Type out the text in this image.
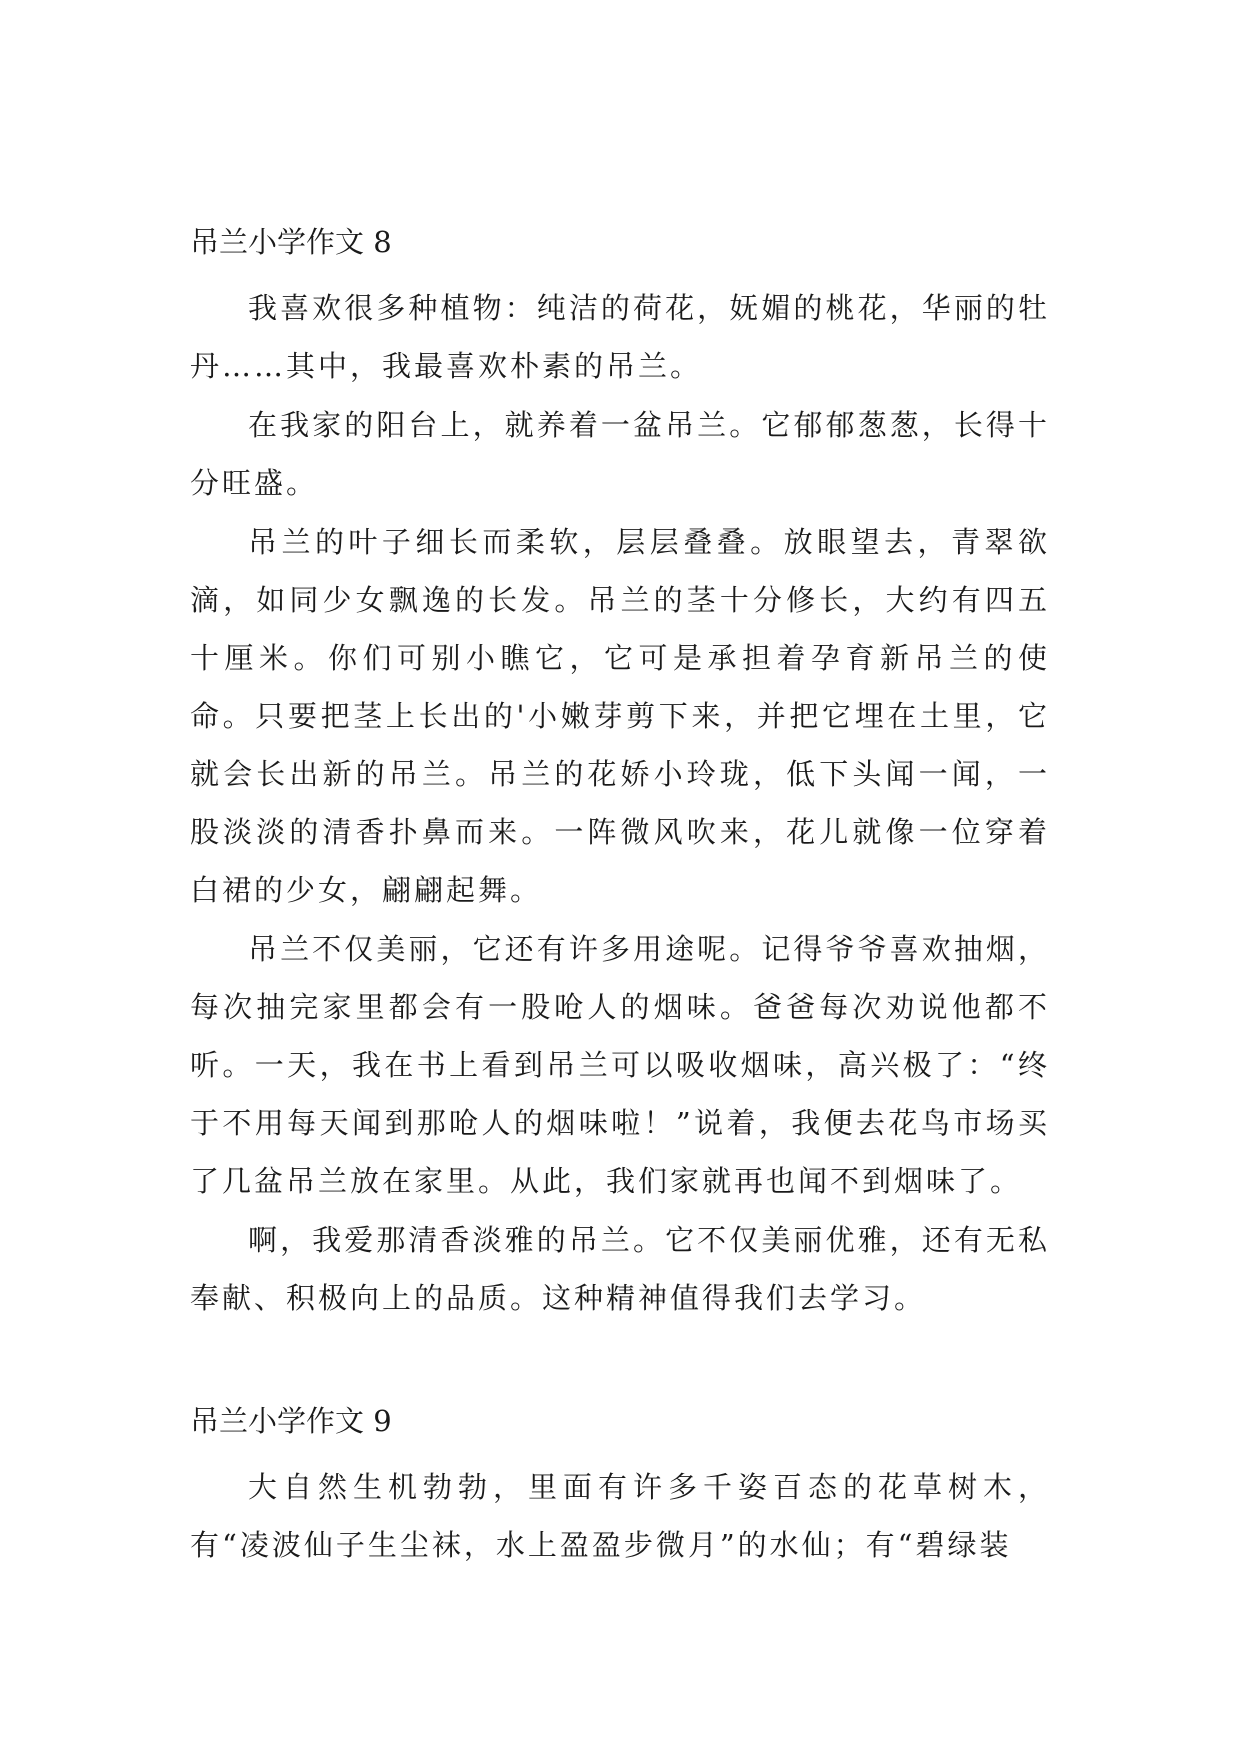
吊兰小学作文 8

我喜欢很多种植物：纯洁的荷花，妩媚的桃花，华丽的牡丹……其中，我最喜欢朴素的吊兰。

在我家的阳台上，就养着一盆吊兰。它郁郁葱葱，长得十分旺盛。

吊兰的叶子细长而柔软，层层叠叠。放眼望去，青翠欲滴，如同少女飘逸的长发。吊兰的茎十分修长，大约有四五十厘米。你们可别小瞧它，它可是承担着孕育新吊兰的使命。只要把茎上长出的'小嫩芽剪下来，并把它埋在土里，它就会长出新的吊兰。吊兰的花娇小玲珑，低下头闻一闻，一股淡淡的清香扑鼻而来。一阵微风吹来，花儿就像一位穿着白裙的少女，翩翩起舞。

吊兰不仅美丽，它还有许多用途呢。记得爷爷喜欢抽烟，每次抽完家里都会有一股呛人的烟味。爸爸每次劝说他都不听。一天，我在书上看到吊兰可以吸收烟味，高兴极了：“终于不用每天闻到那呛人的烟味啦！”说着，我便去花鸟市场买了几盆吊兰放在家里。从此，我们家就再也闻不到烟味了。

啊，我爱那清香淡雅的吊兰。它不仅美丽优雅，还有无私奉献、积极向上的品质。这种精神值得我们去学习。

吊兰小学作文 9

大自然生机勃勃，里面有许多千姿百态的花草树木，有“凌波仙子生尘袜，水上盈盈步微月”的水仙；有“碧绿装
